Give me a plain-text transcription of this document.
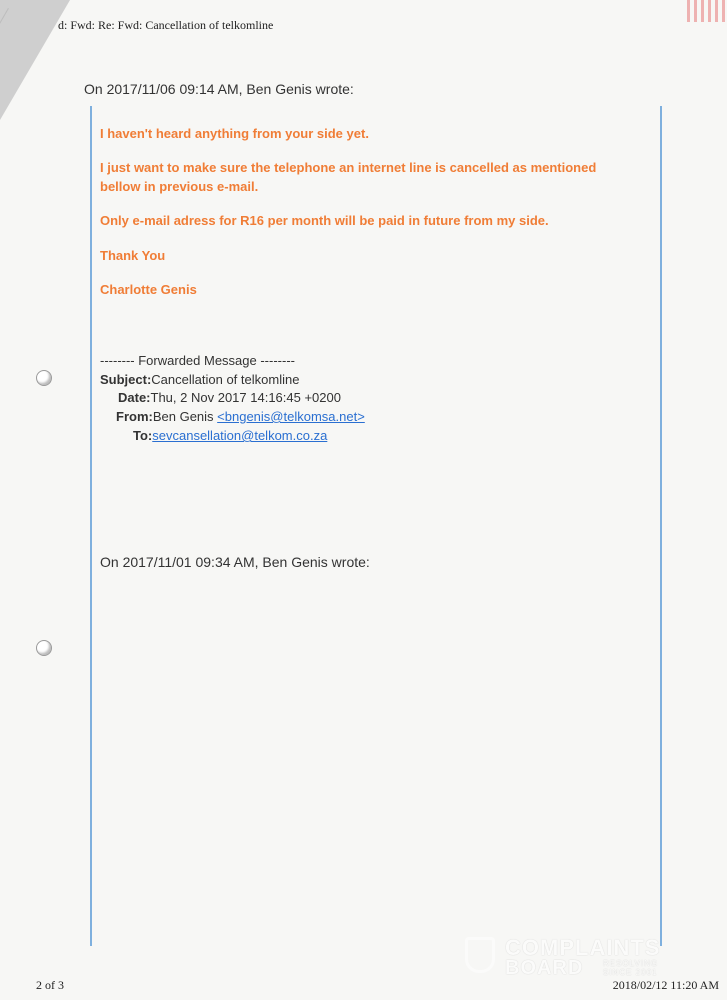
d: Fwd: Re: Fwd: Cancellation of telkomline
On 2017/11/06 09:14 AM, Ben Genis wrote:
I haven't heard anything from your side yet.
I just want to make sure the telephone an internet line is cancelled as mentioned bellow in previous e-mail.
Only e-mail adress for R16 per month will be paid in future from my side.
Thank You
Charlotte Genis
-------- Forwarded Message --------
Subject:Cancellation of telkomline
Date:Thu, 2 Nov 2017 14:16:45 +0200
From:Ben Genis <bngenis@telkomsa.net>
To:sevcansellation@telkom.co.za
On 2017/11/01 09:34 AM, Ben Genis wrote:
COMPLAINTS
BOARD RESOLVING SINCE 2001
2 of 3	2018/02/12 11:20 AM
